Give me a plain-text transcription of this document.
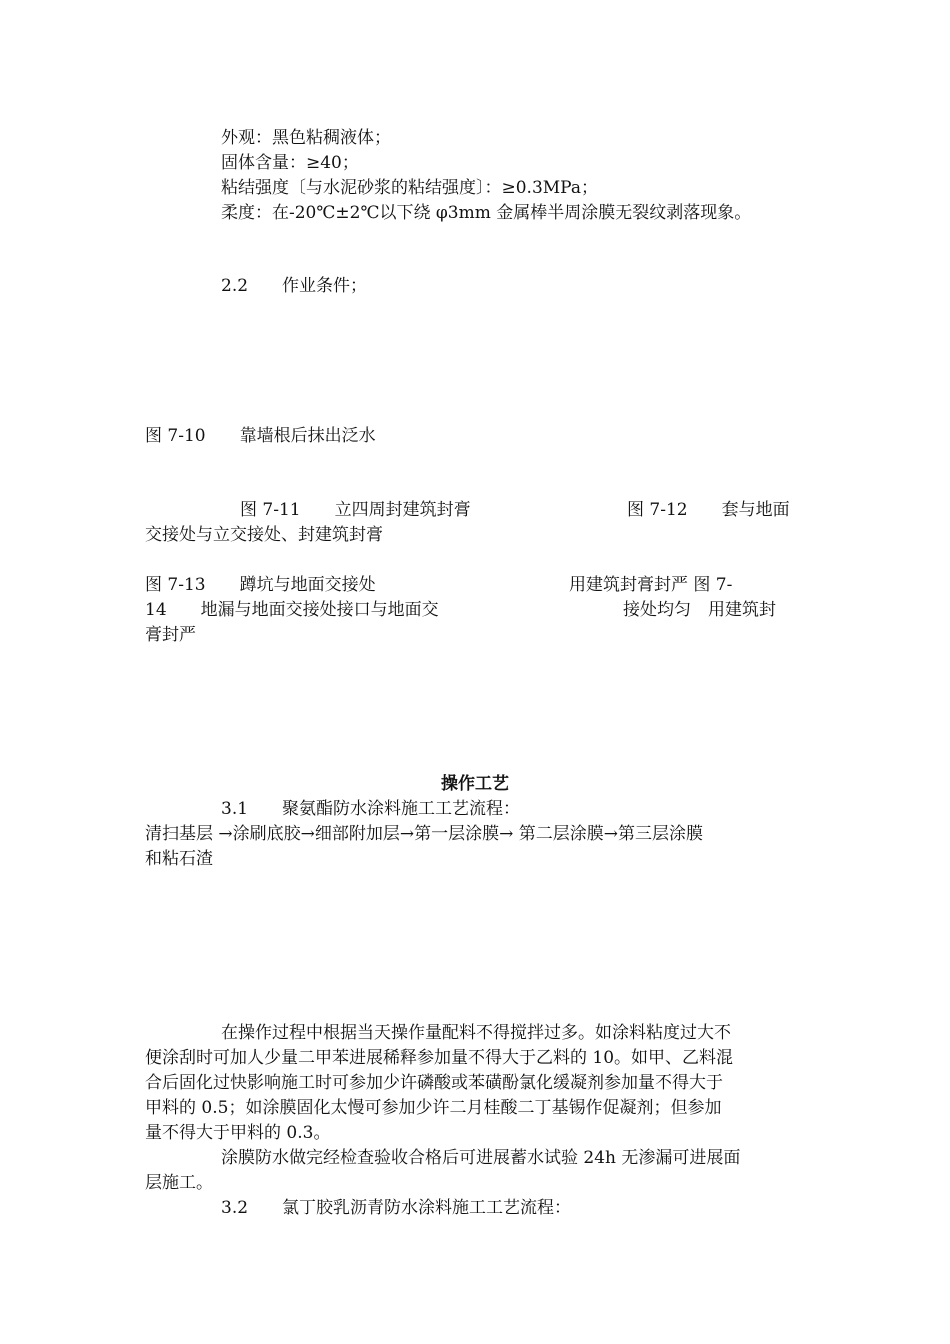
外观：黑色粘稠液体；
固体含量：≥40；
粘结强度〔与水泥砂浆的粘结强度〕：≥0.3MPa；
柔度：在-20℃±2℃以下绕 φ3mm 金属棒半周涂膜无裂纹剥落现象。
2.2　　作业条件；
图 7-10　　靠墙根后抹出泛水
图 7-11　　立四周封建筑封膏	图 7-12　　套与地面
交接处与立交接处、封建筑封膏
图 7-13　　蹲坑与地面交接处	用建筑封膏封严 图 7-
14　　地漏与地面交接处接口与地面交	接处均匀　用建筑封
膏封严
操作工艺
3.1　　聚氨酯防水涂料施工工艺流程：
清扫基层 →涂刷底胶→细部附加层→第一层涂膜→ 第二层涂膜→第三层涂膜
和粘石渣
在操作过程中根据当天操作量配料不得搅拌过多。如涂料粘度过大不
便涂刮时可加人少量二甲苯进展稀释参加量不得大于乙料的 10。如甲、乙料混
合后固化过快影响施工时可参加少许磷酸或苯磺酚氯化缓凝剂参加量不得大于
甲料的 0.5；如涂膜固化太慢可参加少许二月桂酸二丁基锡作促凝剂；但参加
量不得大于甲料的 0.3。
涂膜防水做完经检查验收合格后可进展蓄水试验 24h 无渗漏可进展面
层施工。
3.2　　氯丁胶乳沥青防水涂料施工工艺流程：
